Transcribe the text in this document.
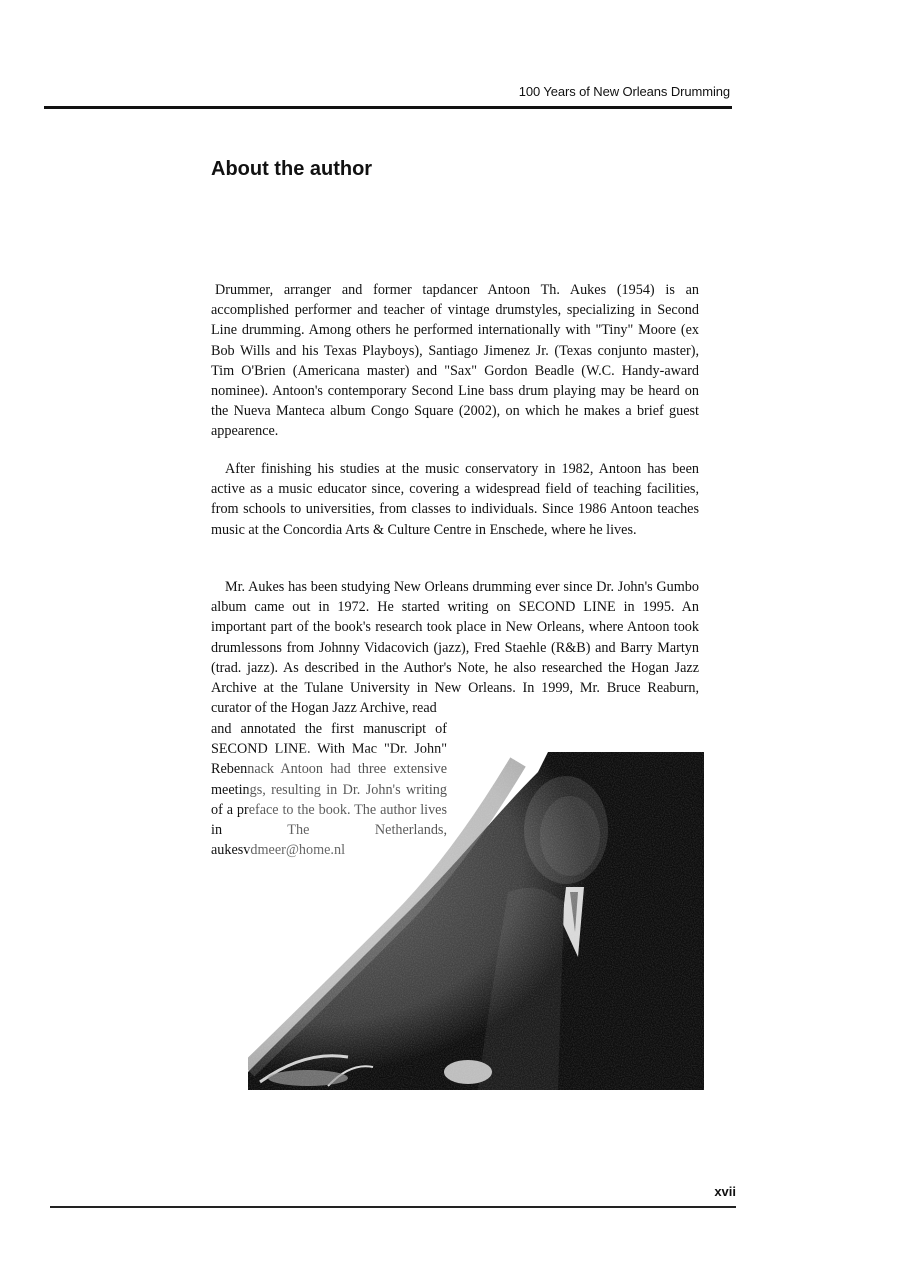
100 Years of New Orleans Drumming
About the author

Drummer, arranger and former tapdancer Antoon Th. Aukes (1954) is an accomplished performer and teacher of vintage drumstyles, specializing in Second Line drumming. Among others he performed internationally with "Tiny" Moore (ex Bob Wills and his Texas Playboys), Santiago Jimenez Jr. (Texas conjunto master), Tim O'Brien (Americana master) and "Sax" Gordon Beadle (W.C. Handy-award nominee). Antoon's contemporary Second Line bass drum playing may be heard on the Nueva Manteca album Congo Square (2002), on which he makes a brief guest appearence.

After finishing his studies at the music conservatory in 1982, Antoon has been active as a music educator since, covering a widespread field of teaching facilities, from schools to universities, from classes to individuals. Since 1986 Antoon teaches music at the Concordia Arts & Culture Centre in Enschede, where he lives.

Mr. Aukes has been studying New Orleans drumming ever since Dr. John's Gumbo album came out in 1972. He started writing on SECOND LINE in 1995. An important part of the book's research took place in New Orleans, where Antoon took drumlessons from Johnny Vidacovich (jazz), Fred Staehle (R&B) and Barry Martyn (trad. jazz). As described in the Author's Note, he also researched the Hogan Jazz Archive at the Tulane University in New Orleans. In 1999, Mr. Bruce Reaburn, curator of the Hogan Jazz Archive, read

and annotated the first manuscript of SECOND LINE. With Mac "Dr. John" Rebennack Antoon had three extensive meetings, resulting in Dr. John's writing of a preface to the book. The author lives in The Netherlands, aukesvdmeer@home.nl

xvii
